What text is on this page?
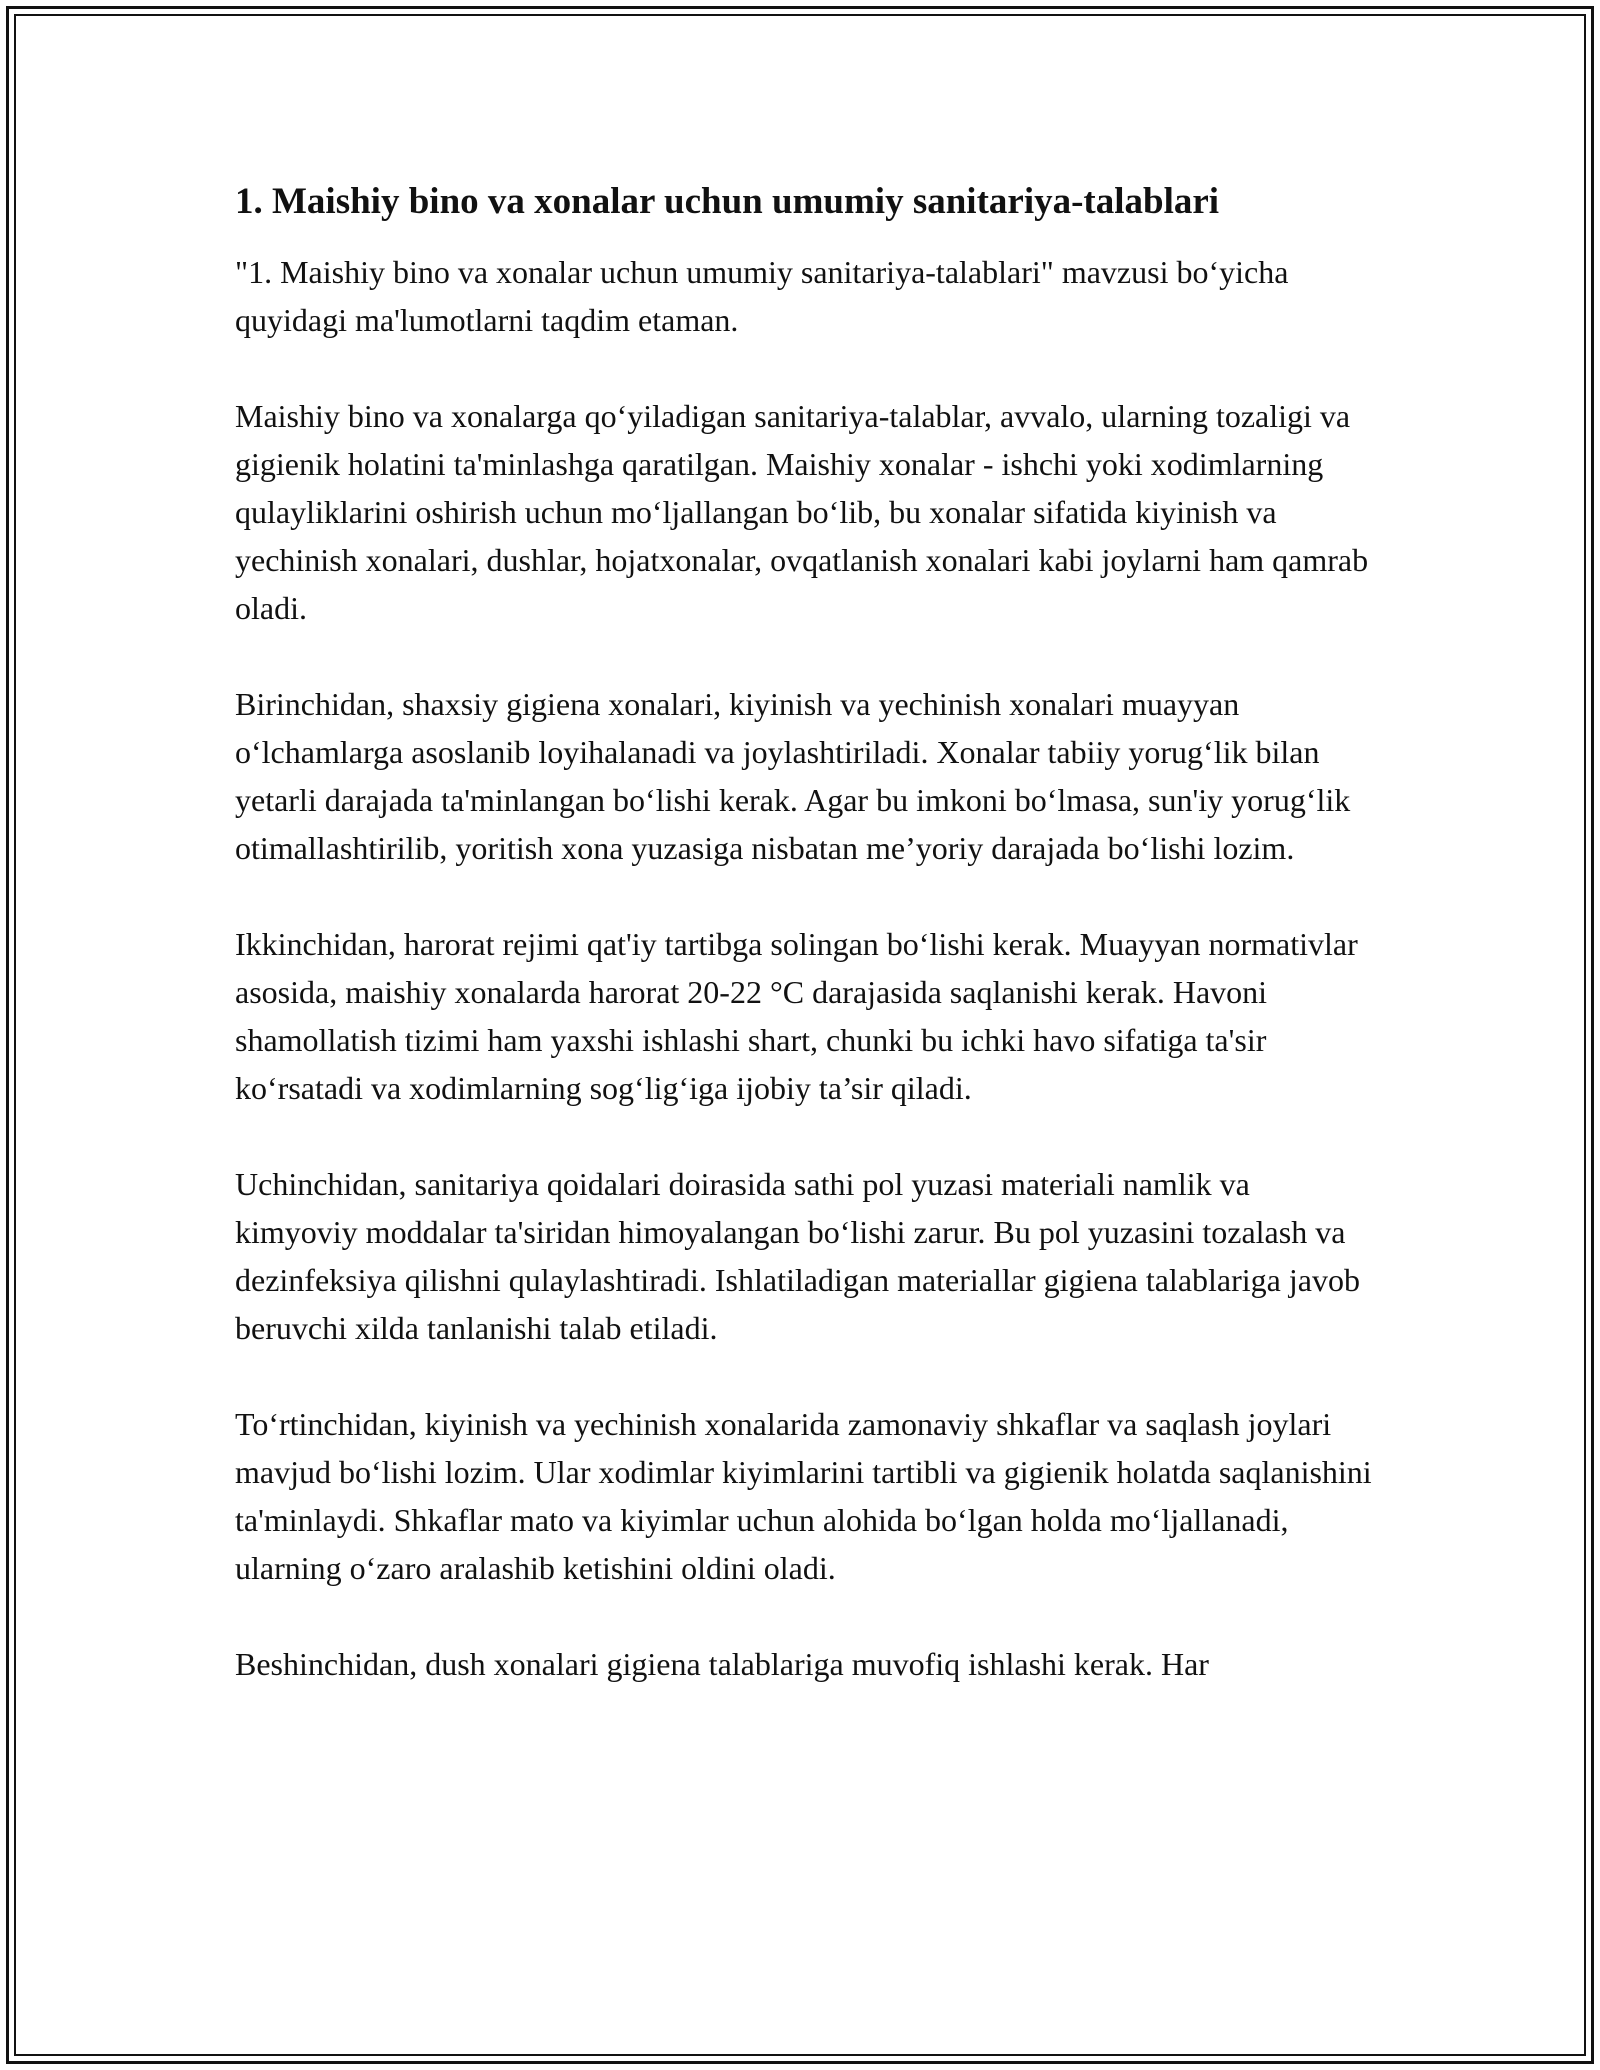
1. Maishiy bino va xonalar uchun umumiy sanitariya-talablari

"1. Maishiy bino va xonalar uchun umumiy sanitariya-talablari" mavzusi bo‘yicha quyidagi ma'lumotlarni taqdim etaman.

Maishiy bino va xonalarga qo‘yiladigan sanitariya-talablar, avvalo, ularning tozaligi va gigienik holatini ta'minlashga qaratilgan. Maishiy xonalar - ishchi yoki xodimlarning qulayliklarini oshirish uchun mo‘ljallangan bo‘lib, bu xonalar sifatida kiyinish va yechinish xonalari, dushlar, hojatxonalar, ovqatlanish xonalari kabi joylarni ham qamrab oladi.

Birinchidan, shaxsiy gigiena xonalari, kiyinish va yechinish xonalari muayyan o‘lchamlarga asoslanib loyihalanadi va joylashtiriladi. Xonalar tabiiy yorug‘lik bilan yetarli darajada ta'minlangan bo‘lishi kerak. Agar bu imkoni bo‘lmasa, sun'iy yorug‘lik otimallashtirilib, yoritish xona yuzasiga nisbatan me’yoriy darajada bo‘lishi lozim.

Ikkinchidan, harorat rejimi qat'iy tartibga solingan bo‘lishi kerak. Muayyan normativlar asosida, maishiy xonalarda harorat 20-22 °C darajasida saqlanishi kerak. Havoni shamollatish tizimi ham yaxshi ishlashi shart, chunki bu ichki havo sifatiga ta'sir ko‘rsatadi va xodimlarning sog‘lig‘iga ijobiy ta’sir qiladi.

Uchinchidan, sanitariya qoidalari doirasida sathi pol yuzasi materiali namlik va kimyoviy moddalar ta'siridan himoyalangan bo‘lishi zarur. Bu pol yuzasini tozalash va dezinfeksiya qilishni qulaylashtiradi. Ishlatiladigan materiallar gigiena talablariga javob beruvchi xilda tanlanishi talab etiladi.

To‘rtinchidan, kiyinish va yechinish xonalarida zamonaviy shkaflar va saqlash joylari mavjud bo‘lishi lozim. Ular xodimlar kiyimlarini tartibli va gigienik holatda saqlanishini ta'minlaydi. Shkaflar mato va kiyimlar uchun alohida bo‘lgan holda mo‘ljallanadi, ularning o‘zaro aralashib ketishini oldini oladi.

Beshinchidan, dush xonalari gigiena talablariga muvofiq ishlashi kerak. Har
